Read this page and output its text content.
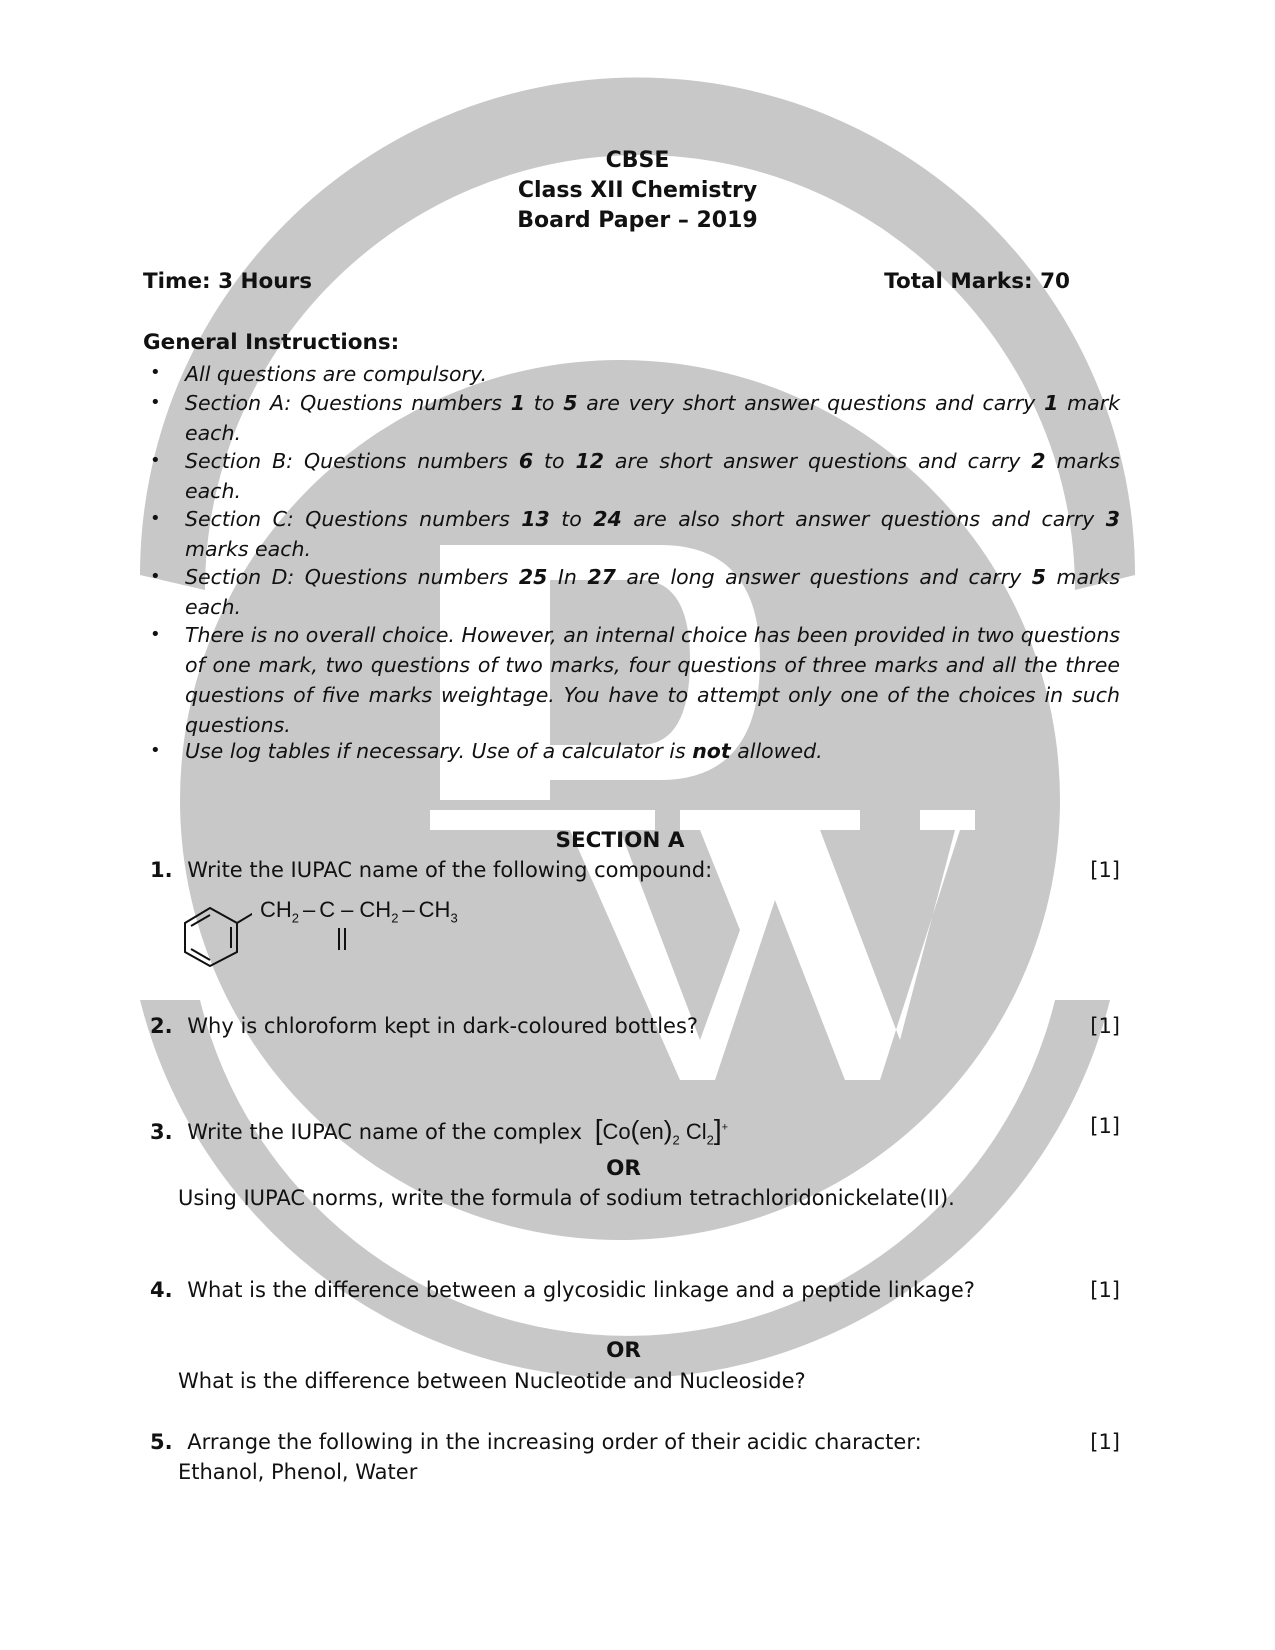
CBSE
Class XII Chemistry
Board Paper – 2019
Time: 3 Hours	Total Marks: 70
General Instructions:
• All questions are compulsory.
• Section A: Questions numbers 1 to 5 are very short answer questions and carry 1 mark each.
• Section B: Questions numbers 6 to 12 are short answer questions and carry 2 marks each.
• Section C: Questions numbers 13 to 24 are also short answer questions and carry 3 marks each.
• Section D: Questions numbers 25 In 27 are long answer questions and carry 5 marks each.
• There is no overall choice. However, an internal choice has been provided in two questions of one mark, two questions of two marks, four questions of three marks and all the three questions of five marks weightage. You have to attempt only one of the choices in such questions.
• Use log tables if necessary. Use of a calculator is not allowed.
SECTION A
1. Write the IUPAC name of the following compound:	[1]
$CH_2$ – C – $CH_2 - CH_3$
2. Why is chloroform kept in dark-coloured bottles?	[1]
3. Write the IUPAC name of the complex [$Co(en)_2$ $Cl_2]^+$	[1]
OR
Using IUPAC norms, write the formula of sodium tetrachloridonickelate(II).
4. What is the difference between a glycosidic linkage and a peptide linkage?	[1]
OR
What is the difference between Nucleotide and Nucleoside?
5. Arrange the following in the increasing order of their acidic character:	[1]
Ethanol, Phenol, Water
